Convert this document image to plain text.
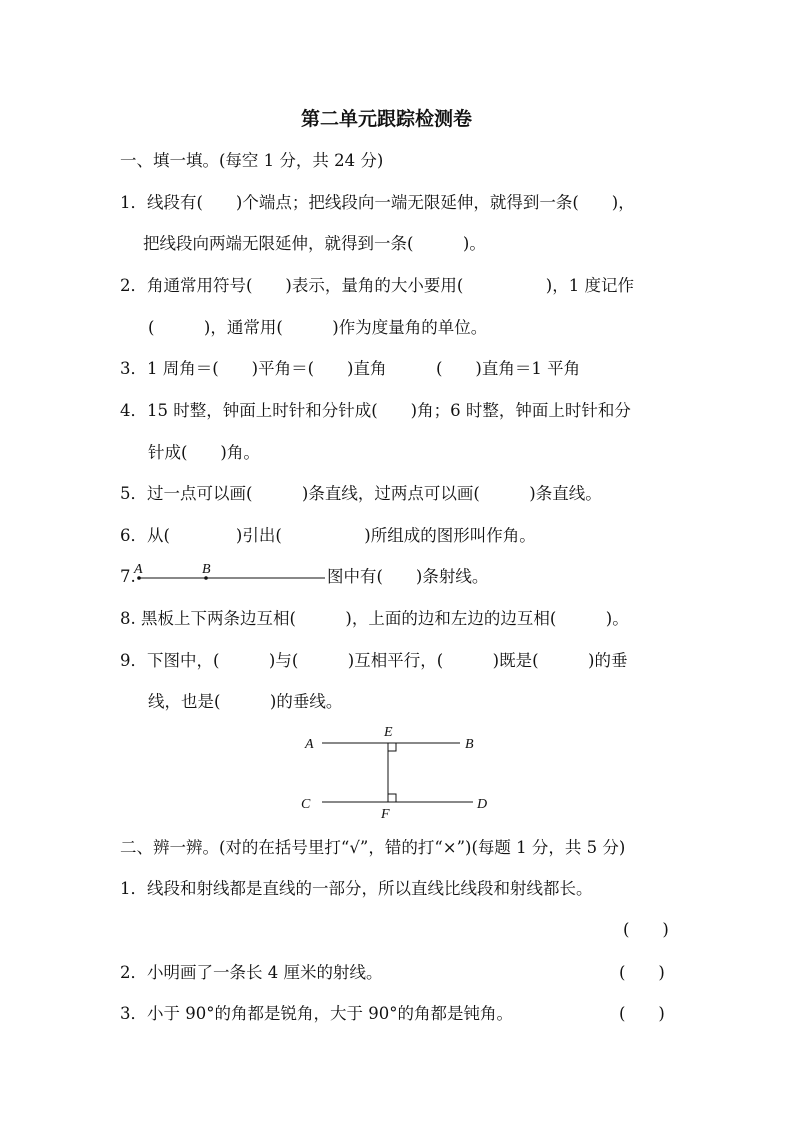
第二单元跟踪检测卷
一、填一填。(每空 1 分，共 24 分)
1．线段有(　　)个端点；把线段向一端无限延伸，就得到一条(　　)，
把线段向两端无限延伸，就得到一条(　　　)。
2．角通常用符号(　　)表示，量角的大小要用(　　　　　)，1 度记作
(　　　)，通常用(　　　)作为度量角的单位。
3．1 周角＝(　　)平角＝(　　)直角　　　(　　)直角＝1 平角
4．15 时整，钟面上时针和分针成(　　)角；6 时整，钟面上时针和分
针成(　　)角。
5．过一点可以画(　　　)条直线，过两点可以画(　　　)条直线。
6．从(　　　　)引出(　　　　　)所组成的图形叫作角。
7.
A	B	图中有(　　)条射线。
8. 黑板上下两条边互相(　　　)，上面的边和左边的边互相(　　　)。
9．下图中，(　　　)与(　　　)互相平行，(　　　)既是(　　　)的垂
线，也是(　　　)的垂线。
A	B
C	D
E
F
二、辨一辨。(对的在括号里打“√”，错的打“×”)(每题 1 分，共 5 分)
1．线段和射线都是直线的一部分，所以直线比线段和射线都长。
(　　)
2．小明画了一条长 4 厘米的射线。	(　　)
3．小于 90°的角都是锐角，大于 90°的角都是钝角。	(　　)
